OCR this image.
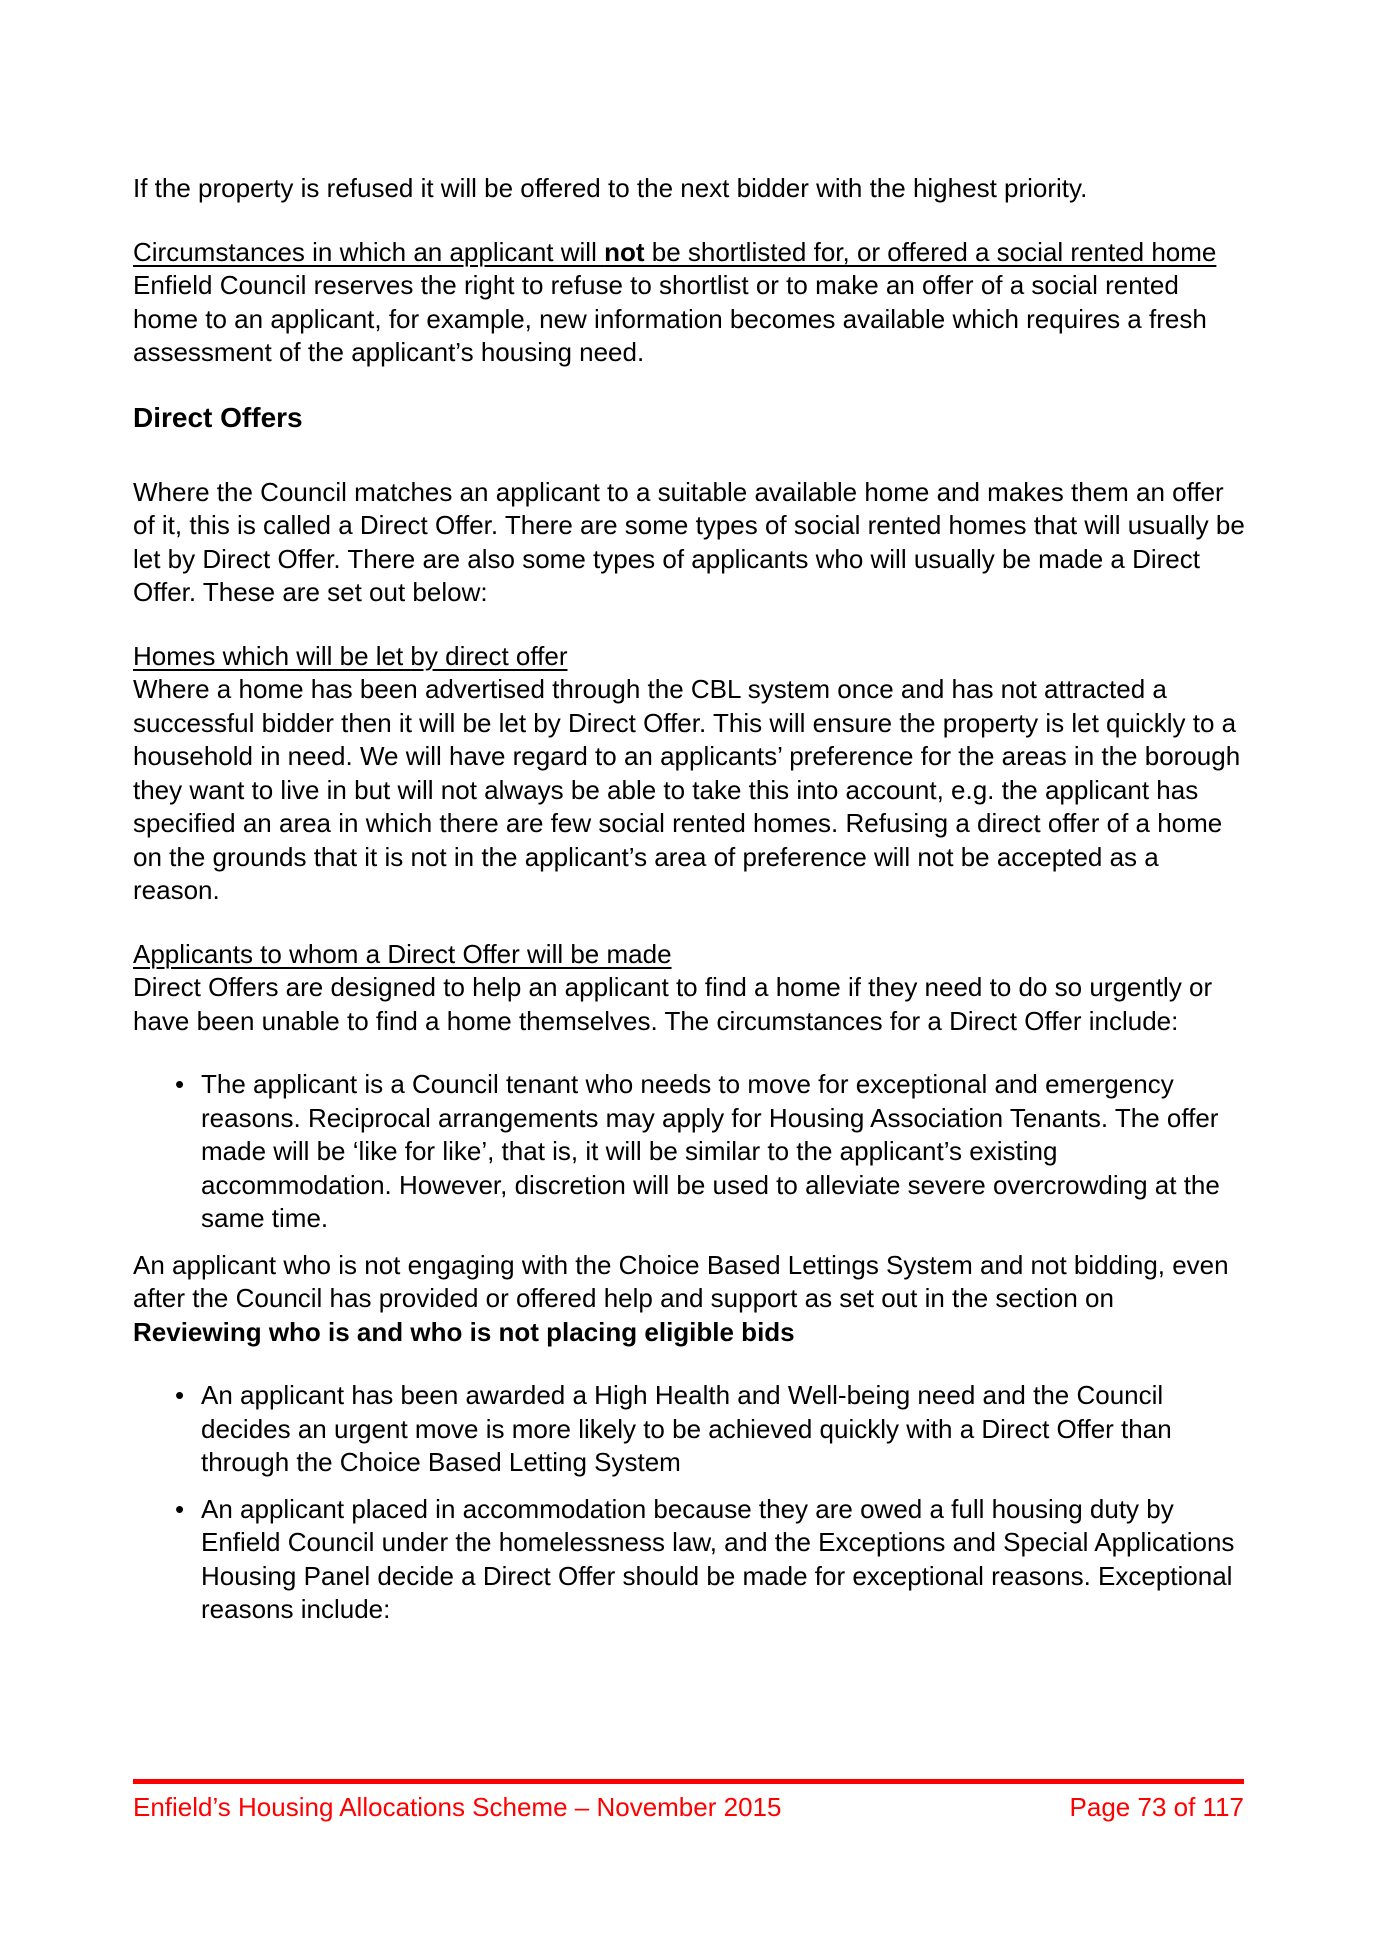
If the property is refused it will be offered to the next bidder with the highest priority.

Circumstances in which an applicant will not be shortlisted for, or offered a social rented home

Enfield Council reserves the right to refuse to shortlist or to make an offer of a social rented home to an applicant, for example, new information becomes available which requires a fresh assessment of the applicant’s housing need.

Direct Offers

Where the Council matches an applicant to a suitable available home and makes them an offer of it, this is called a Direct Offer. There are some types of social rented homes that will usually be let by Direct Offer. There are also some types of applicants who will usually be made a Direct Offer. These are set out below:

Homes which will be let by direct offer

Where a home has been advertised through the CBL system once and has not attracted a successful bidder then it will be let by Direct Offer. This will ensure the property is let quickly to a household in need. We will have regard to an applicants’ preference for the areas in the borough they want to live in but will not always be able to take this into account, e.g. the applicant has specified an area in which there are few social rented homes. Refusing a direct offer of a home on the grounds that it is not in the applicant’s area of preference will not be accepted as a reason.

Applicants to whom a Direct Offer will be made

Direct Offers are designed to help an applicant to find a home if they need to do so urgently or have been unable to find a home themselves. The circumstances for a Direct Offer include:

• The applicant is a Council tenant who needs to move for exceptional and emergency reasons. Reciprocal arrangements may apply for Housing Association Tenants. The offer made will be ‘like for like’, that is, it will be similar to the applicant’s existing accommodation. However, discretion will be used to alleviate severe overcrowding at the same time.

An applicant who is not engaging with the Choice Based Lettings System and not bidding, even after the Council has provided or offered help and support as set out in the section on Reviewing who is and who is not placing eligible bids

• An applicant has been awarded a High Health and Well-being need and the Council decides an urgent move is more likely to be achieved quickly with a Direct Offer than through the Choice Based Letting System
• An applicant placed in accommodation because they are owed a full housing duty by Enfield Council under the homelessness law, and the Exceptions and Special Applications Housing Panel decide a Direct Offer should be made for exceptional reasons. Exceptional reasons include:
Enfield’s Housing Allocations Scheme – November 2015	Page 73 of 117
